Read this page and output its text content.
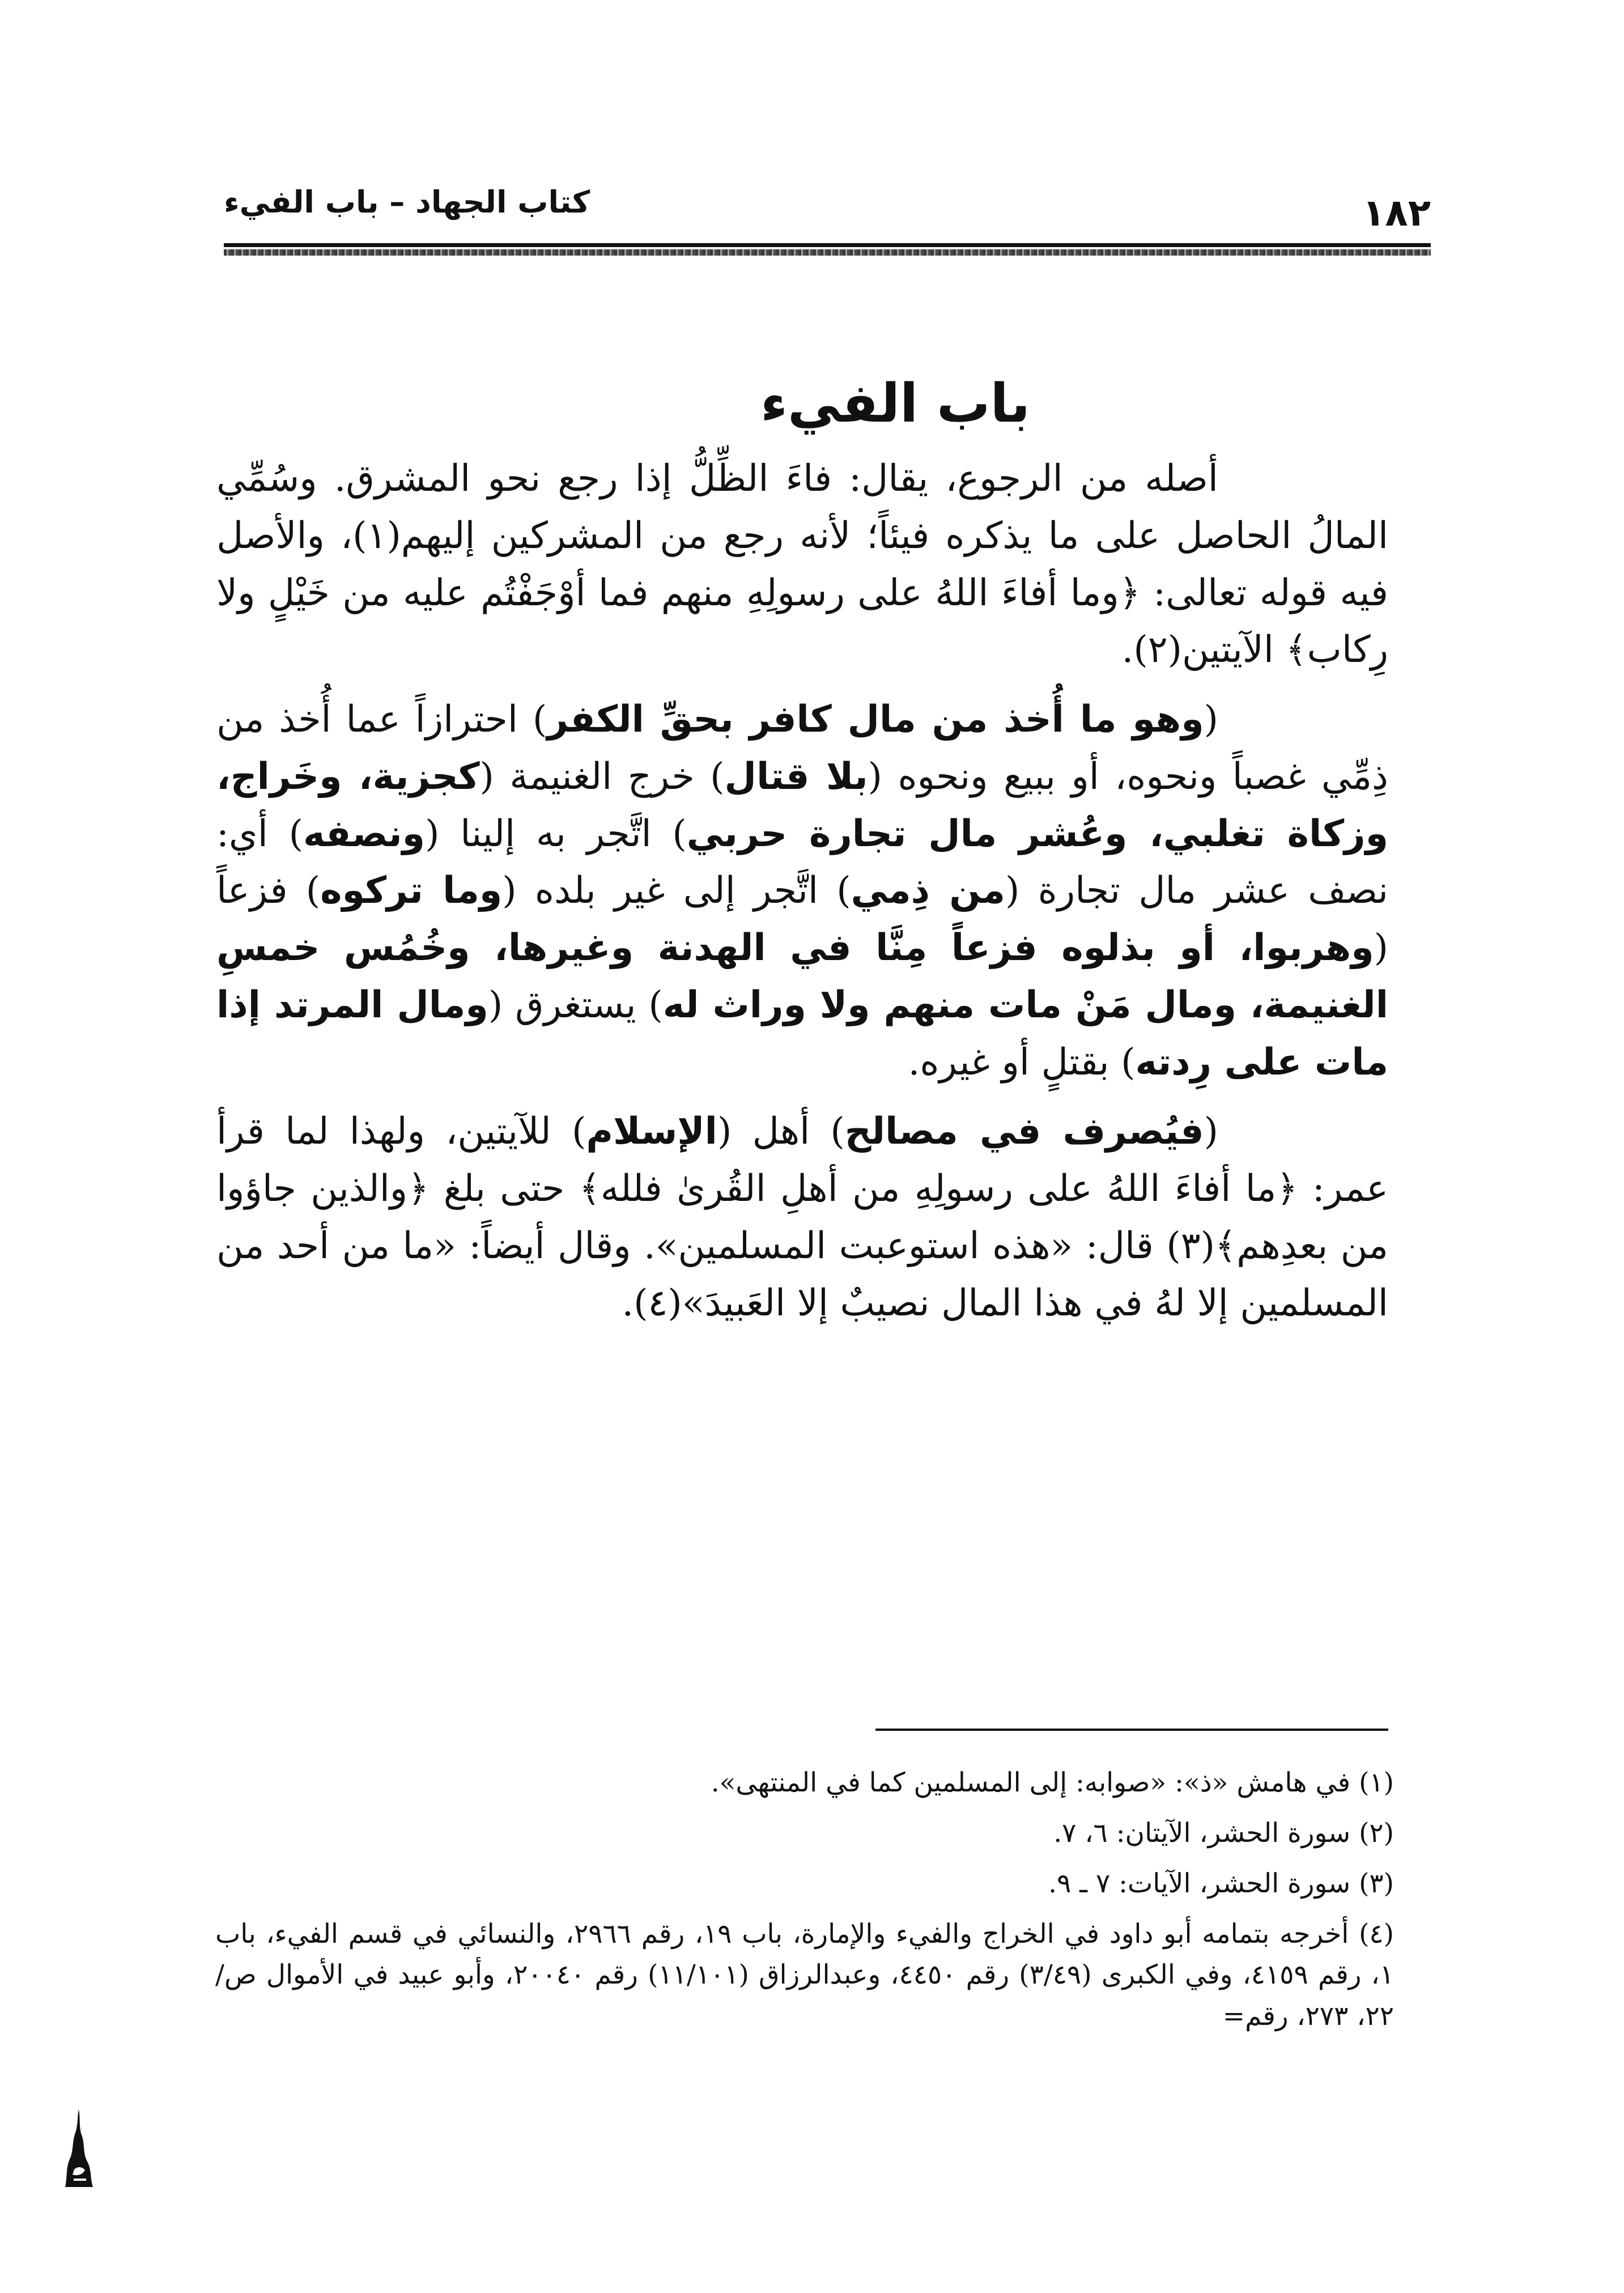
كتاب الجهاد – باب الفيء	١٨٢
باب الفيء

أصله من الرجوع، يقال: فاءَ الظِّلُّ إذا رجع نحو المشرق. وسُمِّي المالُ الحاصل على ما يذكره فيئاً؛ لأنه رجع من المشركين إليهم(١)، والأصل فيه قوله تعالى: ﴿وما أفاءَ اللهُ على رسولِهِ منهم فما أوْجَفْتُم عليه من خَيْلٍ ولا رِكاب﴾ الآيتين(٢).

(وهو ما أُخذ من مال كافر بحقِّ الكفر) احترازاً عما أُخذ من ذِمِّي غصباً ونحوه، أو ببيع ونحوه (بلا قتال) خرج الغنيمة (كجزية، وخَراج، وزكاة تغلبي، وعُشر مال تجارة حربي) اتَّجر به إلينا (ونصفه) أي: نصف عشر مال تجارة (من ذِمي) اتَّجر إلى غير بلده (وما تركوه) فزعاً (وهربوا، أو بذلوه فزعاً مِنَّا في الهدنة وغيرها، وخُمُس خمسِ الغنيمة، ومال مَنْ مات منهم ولا وراث له) يستغرق (ومال المرتد إذا مات على رِدته) بقتلٍ أو غيره.

(فيُصرف في مصالح) أهل (الإسلام) للآيتين، ولهذا لما قرأ عمر: ﴿ما أفاءَ اللهُ على رسولِهِ من أهلِ القُرىٰ فلله﴾ حتى بلغ ﴿والذين جاؤوا من بعدِهم﴾(٣) قال: «هذه استوعبت المسلمين». وقال أيضاً: «ما من أحد من المسلمين إلا لهُ في هذا المال نصيبٌ إلا العَبيدَ»(٤).

(١) في هامش «ذ»: «صوابه: إلى المسلمين كما في المنتهى».

(٢) سورة الحشر، الآيتان: ٦، ٧.

(٣) سورة الحشر، الآيات: ٧ ـ ٩.

(٤) أخرجه بتمامه أبو داود في الخراج والفيء والإمارة، باب ١٩، رقم ٢٩٦٦، والنسائي في قسم الفيء، باب ١، رقم ٤١٥٩، وفي الكبرى (٣/٤٩) رقم ٤٤٥٠، وعبدالرزاق (١١/١٠١) رقم ٢٠٠٤٠، وأبو عبيد في الأموال ص/ ٢٢، ٢٧٣، رقم=
